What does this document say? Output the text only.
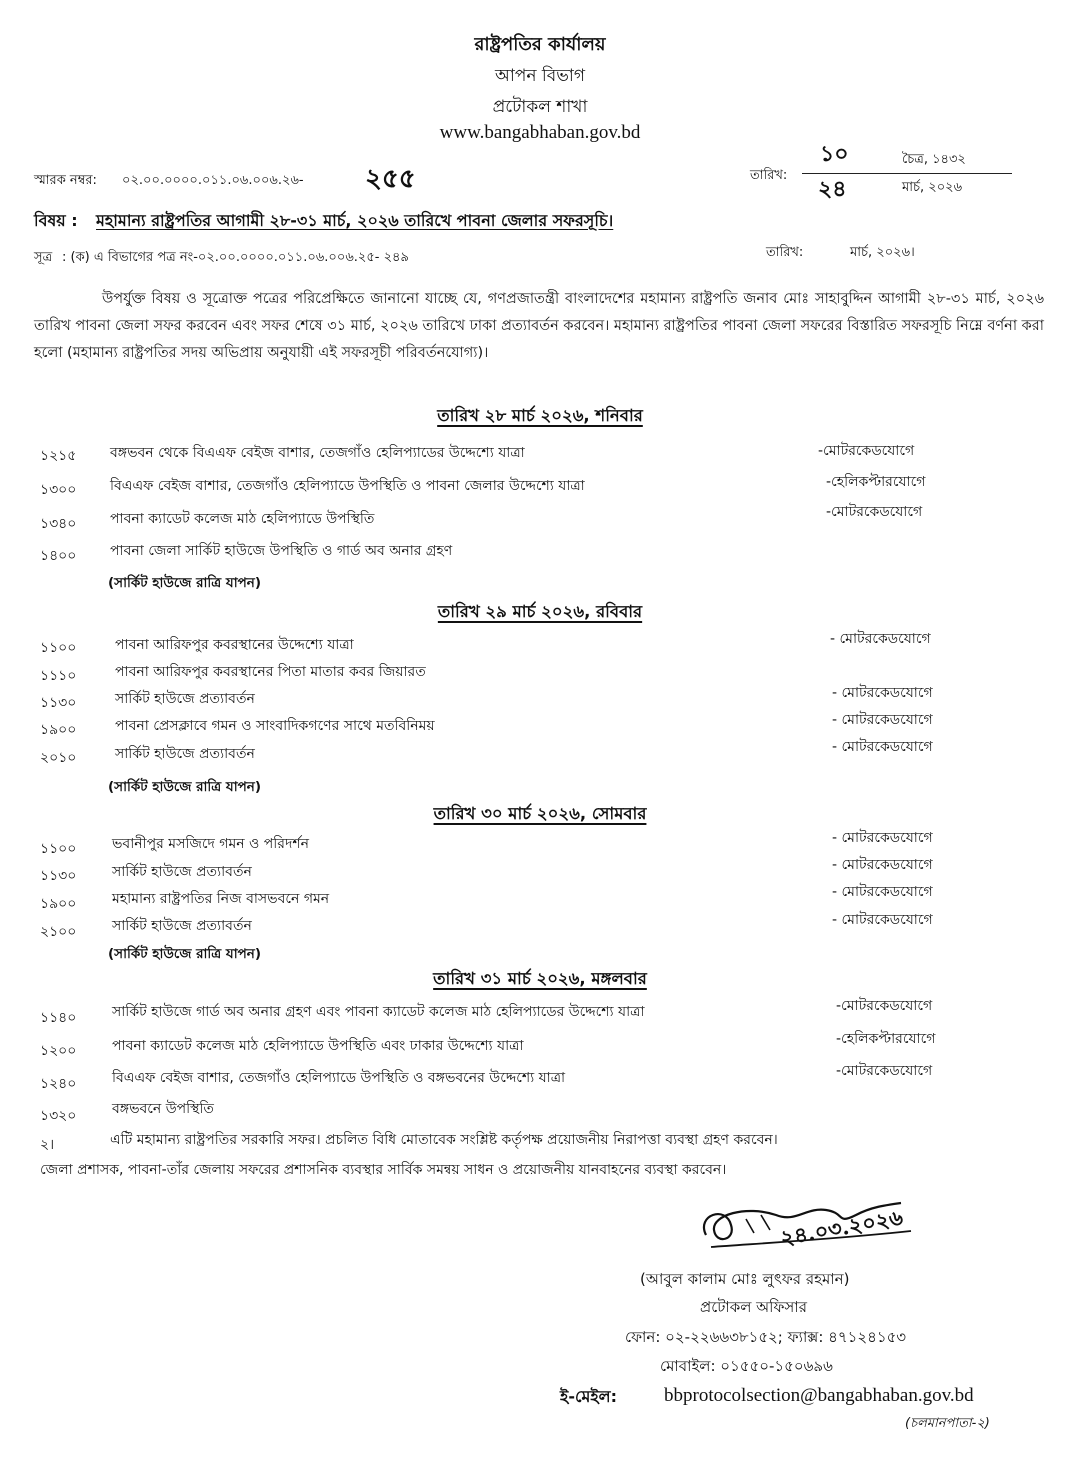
রাষ্ট্রপতির কার্যালয়
আপন বিভাগ
প্রটোকল শাখা
www.bangabhaban.gov.bd
স্মারক নম্বর: ০২.০০.০০০০.০১১.০৬.০০৬.২৬- ২৫৫	তারিখ:
১০	চৈত্র, ১৪৩২
২৪	মার্চ, ২০২৬
বিষয় : মহামান্য রাষ্ট্রপতির আগামী ২৮-৩১ মার্চ, ২০২৬ তারিখে পাবনা জেলার সফরসূচি।
সূত্র : (ক) এ বিভাগের পত্র নং-০২.০০.০০০০.০১১.০৬.০০৬.২৫- ২৪৯	তারিখ:	মার্চ, ২০২৬।
উপর্যুক্ত বিষয় ও সূত্রোক্ত পত্রের পরিপ্রেক্ষিতে জানানো যাচ্ছে যে, গণপ্রজাতন্ত্রী বাংলাদেশের মহামান্য রাষ্ট্রপতি জনাব মোঃ সাহাবুদ্দিন আগামী ২৮-৩১ মার্চ, ২০২৬ তারিখ পাবনা জেলা সফর করবেন এবং সফর শেষে ৩১ মার্চ, ২০২৬ তারিখে ঢাকা প্রত্যাবর্তন করবেন। মহামান্য রাষ্ট্রপতির পাবনা জেলা সফরের বিস্তারিত সফরসূচি নিম্নে বর্ণনা করা হলো (মহামান্য রাষ্ট্রপতির সদয় অভিপ্রায় অনুযায়ী এই সফরসূচী পরিবর্তনযোগ্য)।
তারিখ ২৮ মার্চ ২০২৬, শনিবার
১২১৫ বঙ্গভবন থেকে বিএএফ বেইজ বাশার, তেজগাঁও হেলিপ্যাডের উদ্দেশ্যে যাত্রা	-মোটরকেডযোগে
১৩০০ বিএএফ বেইজ বাশার, তেজগাঁও হেলিপ্যাডে উপস্থিতি ও পাবনা জেলার উদ্দেশ্যে যাত্রা	-হেলিকপ্টারযোগে
১৩৪০ পাবনা ক্যাডেট কলেজ মাঠ হেলিপ্যাডে উপস্থিতি	-মোটরকেডযোগে
১৪০০ পাবনা জেলা সার্কিট হাউজে উপস্থিতি ও গার্ড অব অনার গ্রহণ
(সার্কিট হাউজে রাত্রি যাপন)
তারিখ ২৯ মার্চ ২০২৬, রবিবার
১১০০	পাবনা আরিফপুর কবরস্থানের উদ্দেশ্যে যাত্রা	- মোটরকেডযোগে
১১১০	পাবনা আরিফপুর কবরস্থানের পিতা মাতার কবর জিয়ারত
১১৩০	সার্কিট হাউজে প্রত্যাবর্তন	- মোটরকেডযোগে
১৯০০	পাবনা প্রেসক্লাবে গমন ও সাংবাদিকগণের সাথে মতবিনিময়	- মোটরকেডযোগে
২০১০	সার্কিট হাউজে প্রত্যাবর্তন	- মোটরকেডযোগে
(সার্কিট হাউজে রাত্রি যাপন)
তারিখ ৩০ মার্চ ২০২৬, সোমবার
১১০০	ভবানীপুর মসজিদে গমন ও পরিদর্শন	- মোটরকেডযোগে
১১৩০	সার্কিট হাউজে প্রত্যাবর্তন	- মোটরকেডযোগে
১৯০০	মহামান্য রাষ্ট্রপতির নিজ বাসভবনে গমন	- মোটরকেডযোগে
২১০০	সার্কিট হাউজে প্রত্যাবর্তন	- মোটরকেডযোগে
(সার্কিট হাউজে রাত্রি যাপন)
তারিখ ৩১ মার্চ ২০২৬, মঙ্গলবার
১১৪০	সার্কিট হাউজে গার্ড অব অনার গ্রহণ এবং পাবনা ক্যাডেট কলেজ মাঠ হেলিপ্যাডের উদ্দেশ্যে যাত্রা	-মোটরকেডযোগে
১২০০	পাবনা ক্যাডেট কলেজ মাঠ হেলিপ্যাডে উপস্থিতি এবং ঢাকার উদ্দেশ্যে যাত্রা	-হেলিকপ্টারযোগে
১২৪০	বিএএফ বেইজ বাশার, তেজগাঁও হেলিপ্যাডে উপস্থিতি ও বঙ্গভবনের উদ্দেশ্যে যাত্রা	-মোটরকেডযোগে
১৩২০	বঙ্গভবনে উপস্থিতি
২।	এটি মহামান্য রাষ্ট্রপতির সরকারি সফর। প্রচলিত বিধি মোতাবেক সংশ্লিষ্ট কর্তৃপক্ষ প্রয়োজনীয় নিরাপত্তা ব্যবস্থা গ্রহণ করবেন।
জেলা প্রশাসক, পাবনা-তাঁর জেলায় সফরের প্রশাসনিক ব্যবস্থার সার্বিক সমন্বয় সাধন ও প্রয়োজনীয় যানবাহনের ব্যবস্থা করবেন।
২৪.০৩.২০২৬
(আবুল কালাম মোঃ লুৎফর রহমান)
প্রটোকল অফিসার
ফোন: ০২-২২৬৬৩৮১৫২; ফ্যাক্স: ৪৭১২৪১৫৩
মোবাইল: ০১৫৫০-১৫০৬৯৬
ই-মেইল: bbprotocolsection@bangabhaban.gov.bd
(চলমানপাতা-২)
